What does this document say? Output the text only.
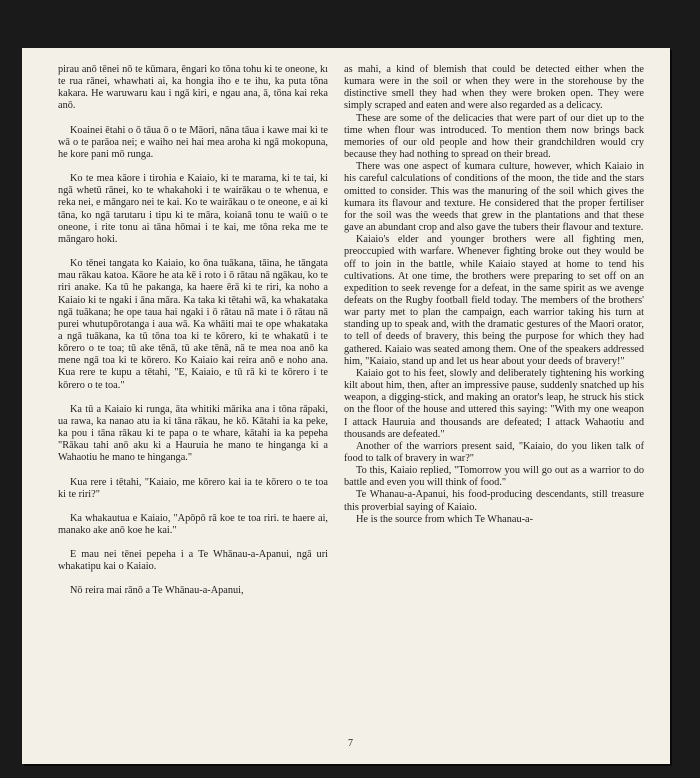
pirau anō tēnei nō te kūmara, ēngari ko tōna tohu ki te oneone, kı te rua rānei, whawhati ai, ka hongia iho e te ihu, ka puta tōna kakara. He waruwaru kau i ngā kiri, e ngau ana, ā, tōna kai reka anō.

Koainei ētahi o ō tāua ō o te Māori, nāna tāua i kawe mai ki te wā o te parāoa nei; e waiho nei hai mea aroha ki ngā mokopuna, he kore pani mō runga.

Ko te mea kāore i tirohia e Kaiaio, ki te marama, ki te tai, ki ngā whetū rānei, ko te whakahoki i te wairākau o te whenua, e reka nei, e māngaro nei te kai. Ko te wairākau o te oneone, e ai ki tāna, ko ngā tarutaru i tipu ki te māra, koianā tonu te waiū o te oneone, i rite tonu ai tāna hōmai i te kai, me tōna reka me te māngaro hoki.

Ko tēnei tangata ko Kaiaio, ko ōna tuākana, tāina, he tāngata mau rākau katoa. Kāore he ata kē i roto i ō rātau nā ngākau, ko te riri anake. Ka tū he pakanga, ka haere ērā ki te riri, ka noho a Kaiaio ki te ngaki i āna māra. Ka taka ki tētahi wā, ka whakataka ngā tuākana; he ope taua hai ngaki i ō rātau nā mate i ō rātau nā purei whutupōrotanga i aua wā. Ka whāiti mai te ope whakataka a ngā tuākana, ka tū tōna toa ki te kōrero, ki te whakatū i te kōrero o te toa; tū ake tēnā, tū ake tēnā, nā te mea noa anō ka mene ngā toa ki te kōrero. Ko Kaiaio kai reira anō e noho ana. Kua rere te kupu a tētahi, "E, Kaiaio, e tū rā ki te kōrero i te kōrero o te toa."

Ka tū a Kaiaio ki runga, āta whitiki mārika ana i tōna rāpaki, ua rawa, ka nanao atu ia ki tāna rākau, he kō. Kātahi ia ka peke, ka pou i tāna rākau ki te papa o te whare, kātahi ia ka pepeha "Rākau tahi anō aku ki a Hauruia he mano te hinganga ki a Wahaotiu he mano te hinganga."

Kua rere i tētahi, "Kaiaio, me kōrero kai ia te kōrero o te toa ki te riri?"

Ka whakautua e Kaiaio, "Apōpō rā koe te toa riri. te haere ai, manako ake anō koe he kai."

E mau nei tēnei pepeha i a Te Whānau-a-Apanui, ngā uri whakatipu kai o Kaiaio.

Nō reira mai rānō a Te Whānau-a-Apanui,

as mahi, a kind of blemish that could be detected either when the kumara were in the soil or when they were in the storehouse by the distinctive smell they had when they were broken open. They were simply scraped and eaten and were also regarded as a delicacy.

These are some of the delicacies that were part of our diet up to the time when flour was introduced. To mention them now brings back memories of our old people and how their grandchildren would cry because they had nothing to spread on their bread.

There was one aspect of kumara culture, however, which Kaiaio in his careful calculations of conditions of the moon, the tide and the stars omitted to consider. This was the manuring of the soil which gives the kumara its flavour and texture. He considered that the proper fertiliser for the soil was the weeds that grew in the plantations and that these gave an abundant crop and also gave the tubers their flavour and texture.

Kaiaio's elder and younger brothers were all fighting men, preoccupied with warfare. Whenever fighting broke out they would be off to join in the battle, while Kaiaio stayed at home to tend his cultivations. At one time, the brothers were preparing to set off on an expedition to seek revenge for a defeat, in the same spirit as we avenge defeats on the Rugby football field today. The members of the brothers' war party met to plan the campaign, each warrior taking his turn at standing up to speak and, with the dramatic gestures of the Maori orator, to tell of deeds of bravery, this being the purpose for which they had gathered. Kaiaio was seated among them. One of the speakers addressed him, "Kaiaio, stand up and let us hear about your deeds of bravery!"

Kaiaio got to his feet, slowly and deliberately tightening his working kilt about him, then, after an impressive pause, suddenly snatched up his weapon, a digging-stick, and making an orator's leap, he struck his stick on the floor of the house and uttered this saying: "With my one weapon I attack Hauruia and thousands are defeated; I attack Wahaotiu and thousands are defeated."

Another of the warriors present said, "Kaiaio, do you liken talk of food to talk of bravery in war?"

To this, Kaiaio replied, "Tomorrow you will go out as a warrior to do battle and even you will think of food."

Te Whanau-a-Apanui, his food-producing descendants, still treasure this proverbial saying of Kaiaio.

He is the source from which Te Whanau-a-

7
